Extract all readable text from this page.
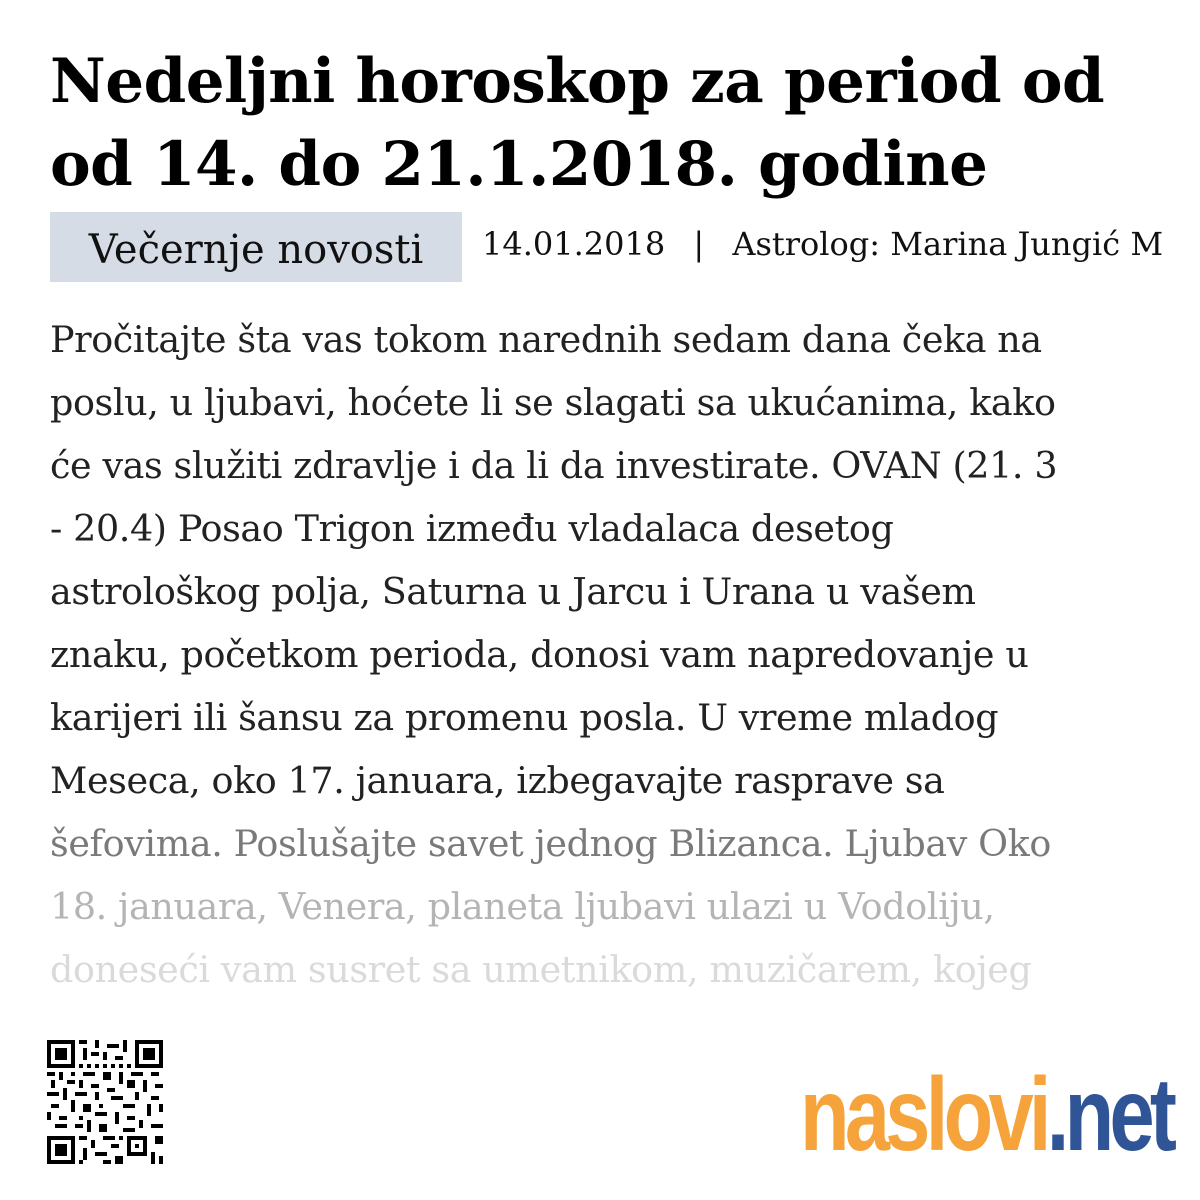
Nedeljni horoskop za period od
od 14. do 21.1.2018. godine
Večernje novosti	14.01.2018 | Astrolog: Marina Jungić M

Pročitajte šta vas tokom narednih sedam dana čeka na
poslu, u ljubavi, hoćete li se slagati sa ukućanima, kako
će vas služiti zdravlje i da li da investirate. OVAN (21. 3
- 20.4) Posao Trigon između vladalaca desetog
astrološkog polja, Saturna u Jarcu i Urana u vašem
znaku, početkom perioda, donosi vam napredovanje u
karijeri ili šansu za promenu posla. U vreme mladog
Meseca, oko 17. januara, izbegavajte rasprave sa
šefovima. Poslušajte savet jednog Blizanca. Ljubav Oko
18. januara, Venera, planeta ljubavi ulazi u Vodoliju,
doneseći vam susret sa umetnikom, muzičarem, kojeg

naslovi.net
